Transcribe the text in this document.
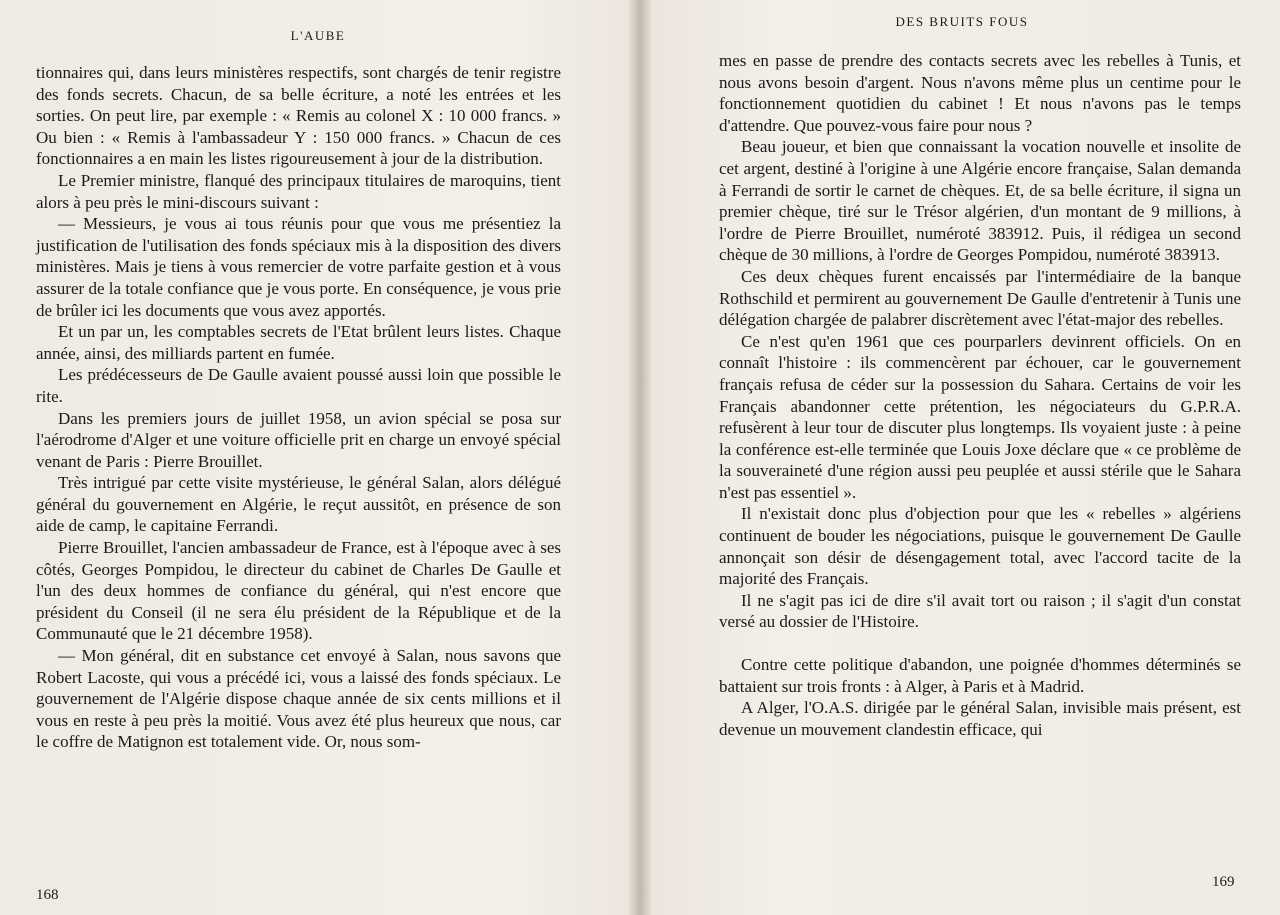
L'AUBE

tionnaires qui, dans leurs ministères respectifs, sont chargés de tenir registre des fonds secrets. Chacun, de sa belle écriture, a noté les entrées et les sorties. On peut lire, par exemple : « Remis au colonel X : 10 000 francs. » Ou bien : « Remis à l'ambassadeur Y : 150 000 francs. » Chacun de ces fonctionnaires a en main les listes rigoureusement à jour de la distribution.

Le Premier ministre, flanqué des principaux titulaires de maroquins, tient alors à peu près le mini-discours suivant :

— Messieurs, je vous ai tous réunis pour que vous me présentiez la justification de l'utilisation des fonds spéciaux mis à la disposition des divers ministères. Mais je tiens à vous remercier de votre parfaite gestion et à vous assurer de la totale confiance que je vous porte. En conséquence, je vous prie de brûler ici les documents que vous avez apportés.

Et un par un, les comptables secrets de l'Etat brûlent leurs listes. Chaque année, ainsi, des milliards partent en fumée.

Les prédécesseurs de De Gaulle avaient poussé aussi loin que possible le rite.

Dans les premiers jours de juillet 1958, un avion spécial se posa sur l'aérodrome d'Alger et une voiture officielle prit en charge un envoyé spécial venant de Paris : Pierre Brouillet.

Très intrigué par cette visite mystérieuse, le général Salan, alors délégué général du gouvernement en Algérie, le reçut aussitôt, en présence de son aide de camp, le capitaine Ferrandi.

Pierre Brouillet, l'ancien ambassadeur de France, est à l'époque avec à ses côtés, Georges Pompidou, le directeur du cabinet de Charles De Gaulle et l'un des deux hommes de confiance du général, qui n'est encore que président du Conseil (il ne sera élu président de la République et de la Communauté que le 21 décembre 1958).

— Mon général, dit en substance cet envoyé à Salan, nous savons que Robert Lacoste, qui vous a précédé ici, vous a laissé des fonds spéciaux. Le gouvernement de l'Algérie dispose chaque année de six cents millions et il vous en reste à peu près la moitié. Vous avez été plus heureux que nous, car le coffre de Matignon est totalement vide. Or, nous som-

168
DES BRUITS FOUS

mes en passe de prendre des contacts secrets avec les rebelles à Tunis, et nous avons besoin d'argent. Nous n'avons même plus un centime pour le fonctionnement quotidien du cabinet ! Et nous n'avons pas le temps d'attendre. Que pouvez-vous faire pour nous ?

Beau joueur, et bien que connaissant la vocation nouvelle et insolite de cet argent, destiné à l'origine à une Algérie encore française, Salan demanda à Ferrandi de sortir le carnet de chèques. Et, de sa belle écriture, il signa un premier chèque, tiré sur le Trésor algérien, d'un montant de 9 millions, à l'ordre de Pierre Brouillet, numéroté 383912. Puis, il rédigea un second chèque de 30 millions, à l'ordre de Georges Pompidou, numéroté 383913.

Ces deux chèques furent encaissés par l'intermédiaire de la banque Rothschild et permirent au gouvernement De Gaulle d'entretenir à Tunis une délégation chargée de palabrer discrètement avec l'état-major des rebelles.

Ce n'est qu'en 1961 que ces pourparlers devinrent officiels. On en connaît l'histoire : ils commencèrent par échouer, car le gouvernement français refusa de céder sur la possession du Sahara. Certains de voir les Français abandonner cette prétention, les négociateurs du G.P.R.A. refusèrent à leur tour de discuter plus longtemps. Ils voyaient juste : à peine la conférence est-elle terminée que Louis Joxe déclare que « ce problème de la souveraineté d'une région aussi peu peuplée et aussi stérile que le Sahara n'est pas essentiel ».

Il n'existait donc plus d'objection pour que les « rebelles » algériens continuent de bouder les négociations, puisque le gouvernement De Gaulle annonçait son désir de désengagement total, avec l'accord tacite de la majorité des Français.

Il ne s'agit pas ici de dire s'il avait tort ou raison ; il s'agit d'un constat versé au dossier de l'Histoire.

Contre cette politique d'abandon, une poignée d'hommes déterminés se battaient sur trois fronts : à Alger, à Paris et à Madrid.

A Alger, l'O.A.S. dirigée par le général Salan, invisible mais présent, est devenue un mouvement clandestin efficace, qui

169
